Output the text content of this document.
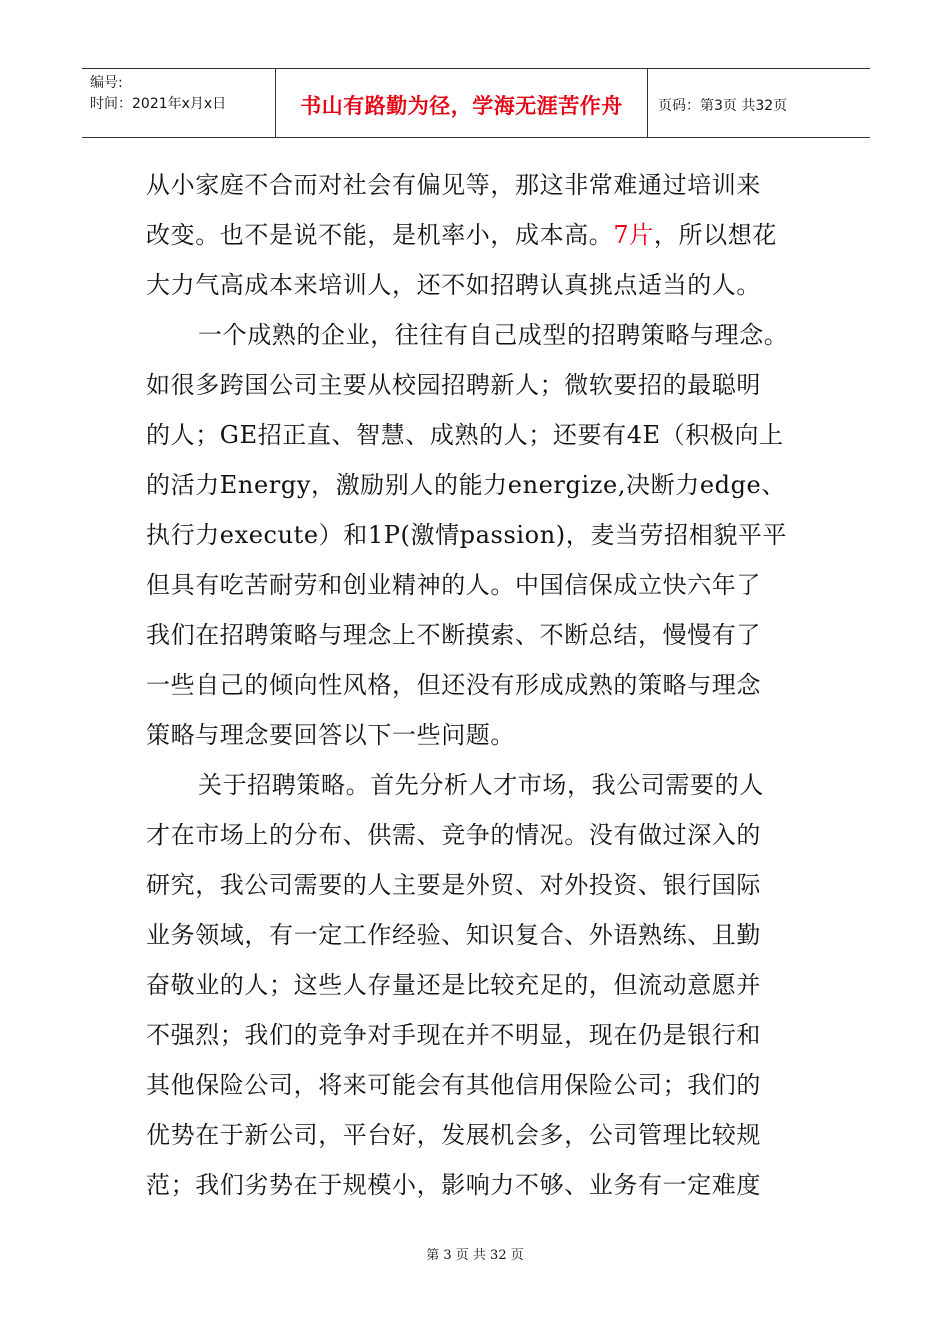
编号:
时间：2021年x月x日	书山有路勤为径，学海无涯苦作舟	页码：第3页 共32页
从小家庭不合而对社会有偏见等，那这非常难通过培训来
改变。也不是说不能，是机率小，成本高。7片，所以想花
大力气高成本来培训人，还不如招聘认真挑点适当的人。
一个成熟的企业，往往有自己成型的招聘策略与理念。
如很多跨国公司主要从校园招聘新人；微软要招的最聪明
的人；GE招正直、智慧、成熟的人；还要有4E（积极向上
的活力Energy，激励别人的能力energize,决断力edge、
执行力execute）和1P(激情passion)，麦当劳招相貌平平
但具有吃苦耐劳和创业精神的人。中国信保成立快六年了
我们在招聘策略与理念上不断摸索、不断总结，慢慢有了
一些自己的倾向性风格，但还没有形成成熟的策略与理念
策略与理念要回答以下一些问题。
关于招聘策略。首先分析人才市场，我公司需要的人
才在市场上的分布、供需、竞争的情况。没有做过深入的
研究，我公司需要的人主要是外贸、对外投资、银行国际
业务领域，有一定工作经验、知识复合、外语熟练、且勤
奋敬业的人；这些人存量还是比较充足的，但流动意愿并
不强烈；我们的竞争对手现在并不明显，现在仍是银行和
其他保险公司，将来可能会有其他信用保险公司；我们的
优势在于新公司，平台好，发展机会多，公司管理比较规
范；我们劣势在于规模小，影响力不够、业务有一定难度
第 3 页 共 32 页
